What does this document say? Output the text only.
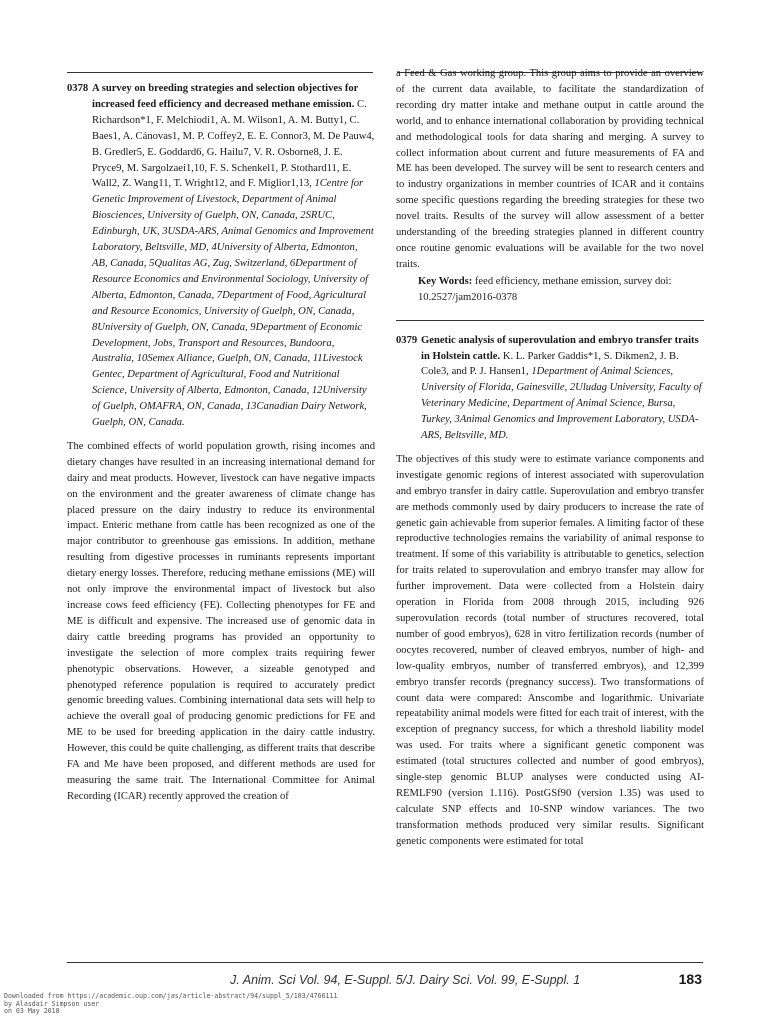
0378 A survey on breeding strategies and selection objectives for increased feed efficiency and decreased methane emission. C. Richardson*1, F. Melchiodi1, A. M. Wilson1, A. M. Butty1, C. Baes1, A. Cánovas1, M. P. Coffey2, E. E. Connor3, M. De Pauw4, B. Gredler5, E. Goddard6, G. Hailu7, V. R. Osborne8, J. E. Pryce9, M. Sargolzaei1,10, F. S. Schenkel1, P. Stothard11, E. Wall2, Z. Wang11, T. Wright12, and F. Miglior1,13, 1Centre for Genetic Improvement of Livestock, Department of Animal Biosciences, University of Guelph, ON, Canada, 2SRUC, Edinburgh, UK, 3USDA-ARS, Animal Genomics and Improvement Laboratory, Beltsville, MD, 4University of Alberta, Edmonton, AB, Canada, 5Qualitas AG, Zug, Switzerland, 6Department of Resource Economics and Environmental Sociology, University of Alberta, Edmonton, Canada, 7Department of Food, Agricultural and Resource Economics, University of Guelph, ON, Canada, 8University of Guelph, ON, Canada, 9Department of Economic Development, Jobs, Transport and Resources, Bundoora, Australia, 10Semex Alliance, Guelph, ON, Canada, 11Livestock Gentec, Department of Agricultural, Food and Nutritional Science, University of Alberta, Edmonton, Canada, 12University of Guelph, OMAFRA, ON, Canada, 13Canadian Dairy Network, Guelph, ON, Canada.
The combined effects of world population growth, rising incomes and dietary changes have resulted in an increasing international demand for dairy and meat products. However, livestock can have negative impacts on the environment and the greater awareness of climate change has placed pressure on the dairy industry to reduce its environmental impact. Enteric methane from cattle has been recognized as one of the major contributor to greenhouse gas emissions. In addition, methane resulting from digestive processes in ruminants represents important dietary energy losses. Therefore, reducing methane emissions (ME) will not only improve the environmental impact of livestock but also increase cows feed efficiency (FE). Collecting phenotypes for FE and ME is difficult and expensive. The increased use of genomic data in dairy cattle breeding programs has provided an opportunity to investigate the selection of more complex traits requiring fewer phenotypic observations. However, a sizeable genotyped and phenotyped reference population is required to accurately predict genomic breeding values. Combining international data sets will help to achieve the overall goal of producing genomic predictions for FE and ME to be used for breeding application in the dairy cattle industry. However, this could be quite challenging, as different traits that describe FA and Me have been proposed, and different methods are used for measuring the same trait. The International Committee for Animal Recording (ICAR) recently approved the creation of
a Feed & Gas working group. This group aims to provide an overview of the current data available, to facilitate the standardization of recording dry matter intake and methane output in cattle around the world, and to enhance international collaboration by providing technical and methodological tools for data sharing and merging. A survey to collect information about current and future measurements of FA and ME has been developed. The survey will be sent to research centers and to industry organizations in member countries of ICAR and it contains some specific questions regarding the breeding strategies for these two novel traits. Results of the survey will allow assessment of a better understanding of the breeding strategies planned in different country once routine genomic evaluations will be available for the two novel traits.
Key Words: feed efficiency, methane emission, survey doi: 10.2527/jam2016-0378
0379 Genetic analysis of superovulation and embryo transfer traits in Holstein cattle. K. L. Parker Gaddis*1, S. Dikmen2, J. B. Cole3, and P. J. Hansen1, 1Department of Animal Sciences, University of Florida, Gainesville, 2Uludag University, Faculty of Veterinary Medicine, Department of Animal Science, Bursa, Turkey, 3Animal Genomics and Improvement Laboratory, USDA-ARS, Beltsville, MD.
The objectives of this study were to estimate variance components and investigate genomic regions of interest associated with superovulation and embryo transfer in dairy cattle. Superovulation and embryo transfer are methods commonly used by dairy producers to increase the rate of genetic gain achievable from superior females. A limiting factor of these reproductive technologies remains the variability of animal response to treatment. If some of this variability is attributable to genetics, selection for traits related to superovulation and embryo transfer may allow for further improvement. Data were collected from a Holstein dairy operation in Florida from 2008 through 2015, including 926 superovulation records (total number of structures recovered, total number of good embryos), 628 in vitro fertilization records (number of oocytes recovered, number of cleaved embryos, number of high- and low-quality embryos, number of transferred embryos), and 12,399 embryo transfer records (pregnancy success). Two transformations of count data were compared: Anscombe and logarithmic. Univariate repeatability animal models were fitted for each trait of interest, with the exception of pregnancy success, for which a threshold liability model was used. For traits where a significant genetic component was estimated (total structures collected and number of good embryos), single-step genomic BLUP analyses were conducted using AI-REMLF90 (version 1.116). PostGSf90 (version 1.35) was used to calculate SNP effects and 10-SNP window variances. The two transformation methods produced very similar results. Significant genetic components were estimated for total
J. Anim. Sci Vol. 94, E-Suppl. 5/J. Dairy Sci. Vol. 99, E-Suppl. 1	183
Downloaded from https://academic.oup.com/jas/article-abstract/94/suppl_5/183/4766111
by Alasdair Simpson user
on 03 May 2018
